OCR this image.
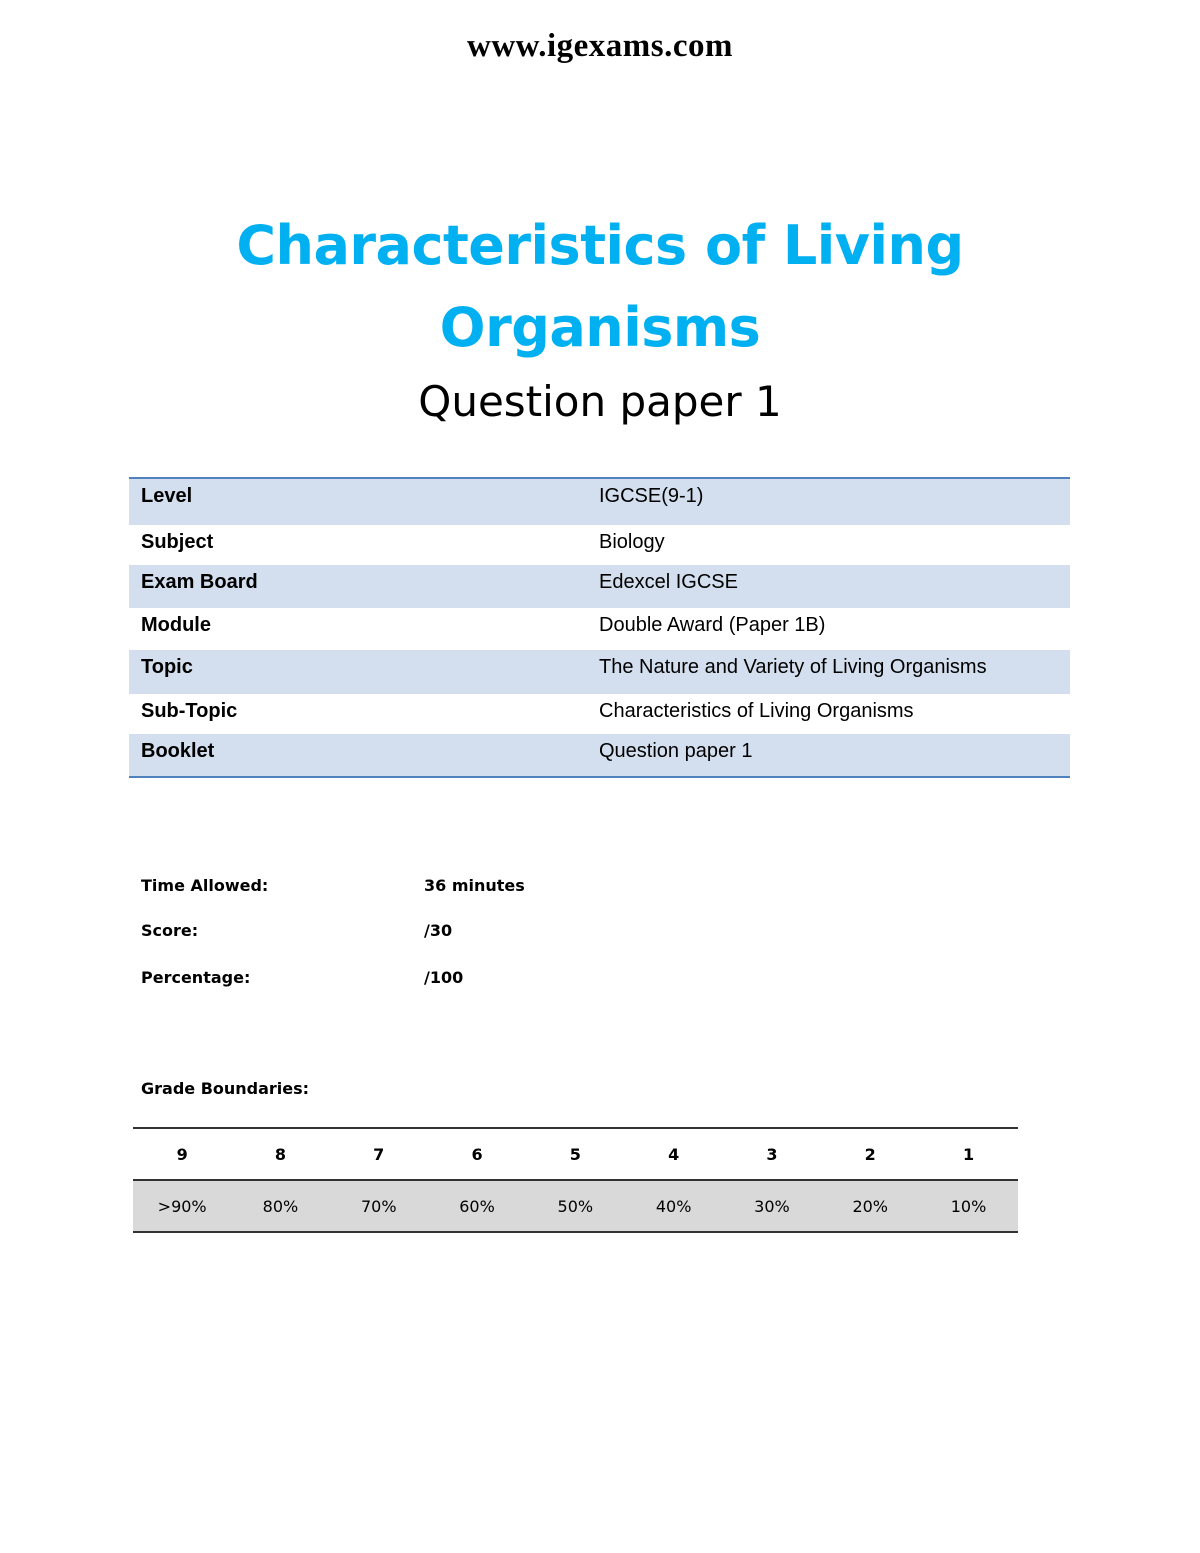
www.igexams.com
Characteristics of Living
Organisms
Question paper 1
Level	IGCSE(9-1)
Subject	Biology
Exam Board	Edexcel IGCSE
Module	Double Award (Paper 1B)
Topic	The Nature and Variety of Living Organisms
Sub-Topic	Characteristics of Living Organisms
Booklet	Question paper 1
Time Allowed:	36 minutes
Score:	/30
Percentage:	/100
Grade Boundaries:
9	8	7	6	5	4	3	2	1
>90%	80%	70%	60%	50%	40%	30%	20%	10%
